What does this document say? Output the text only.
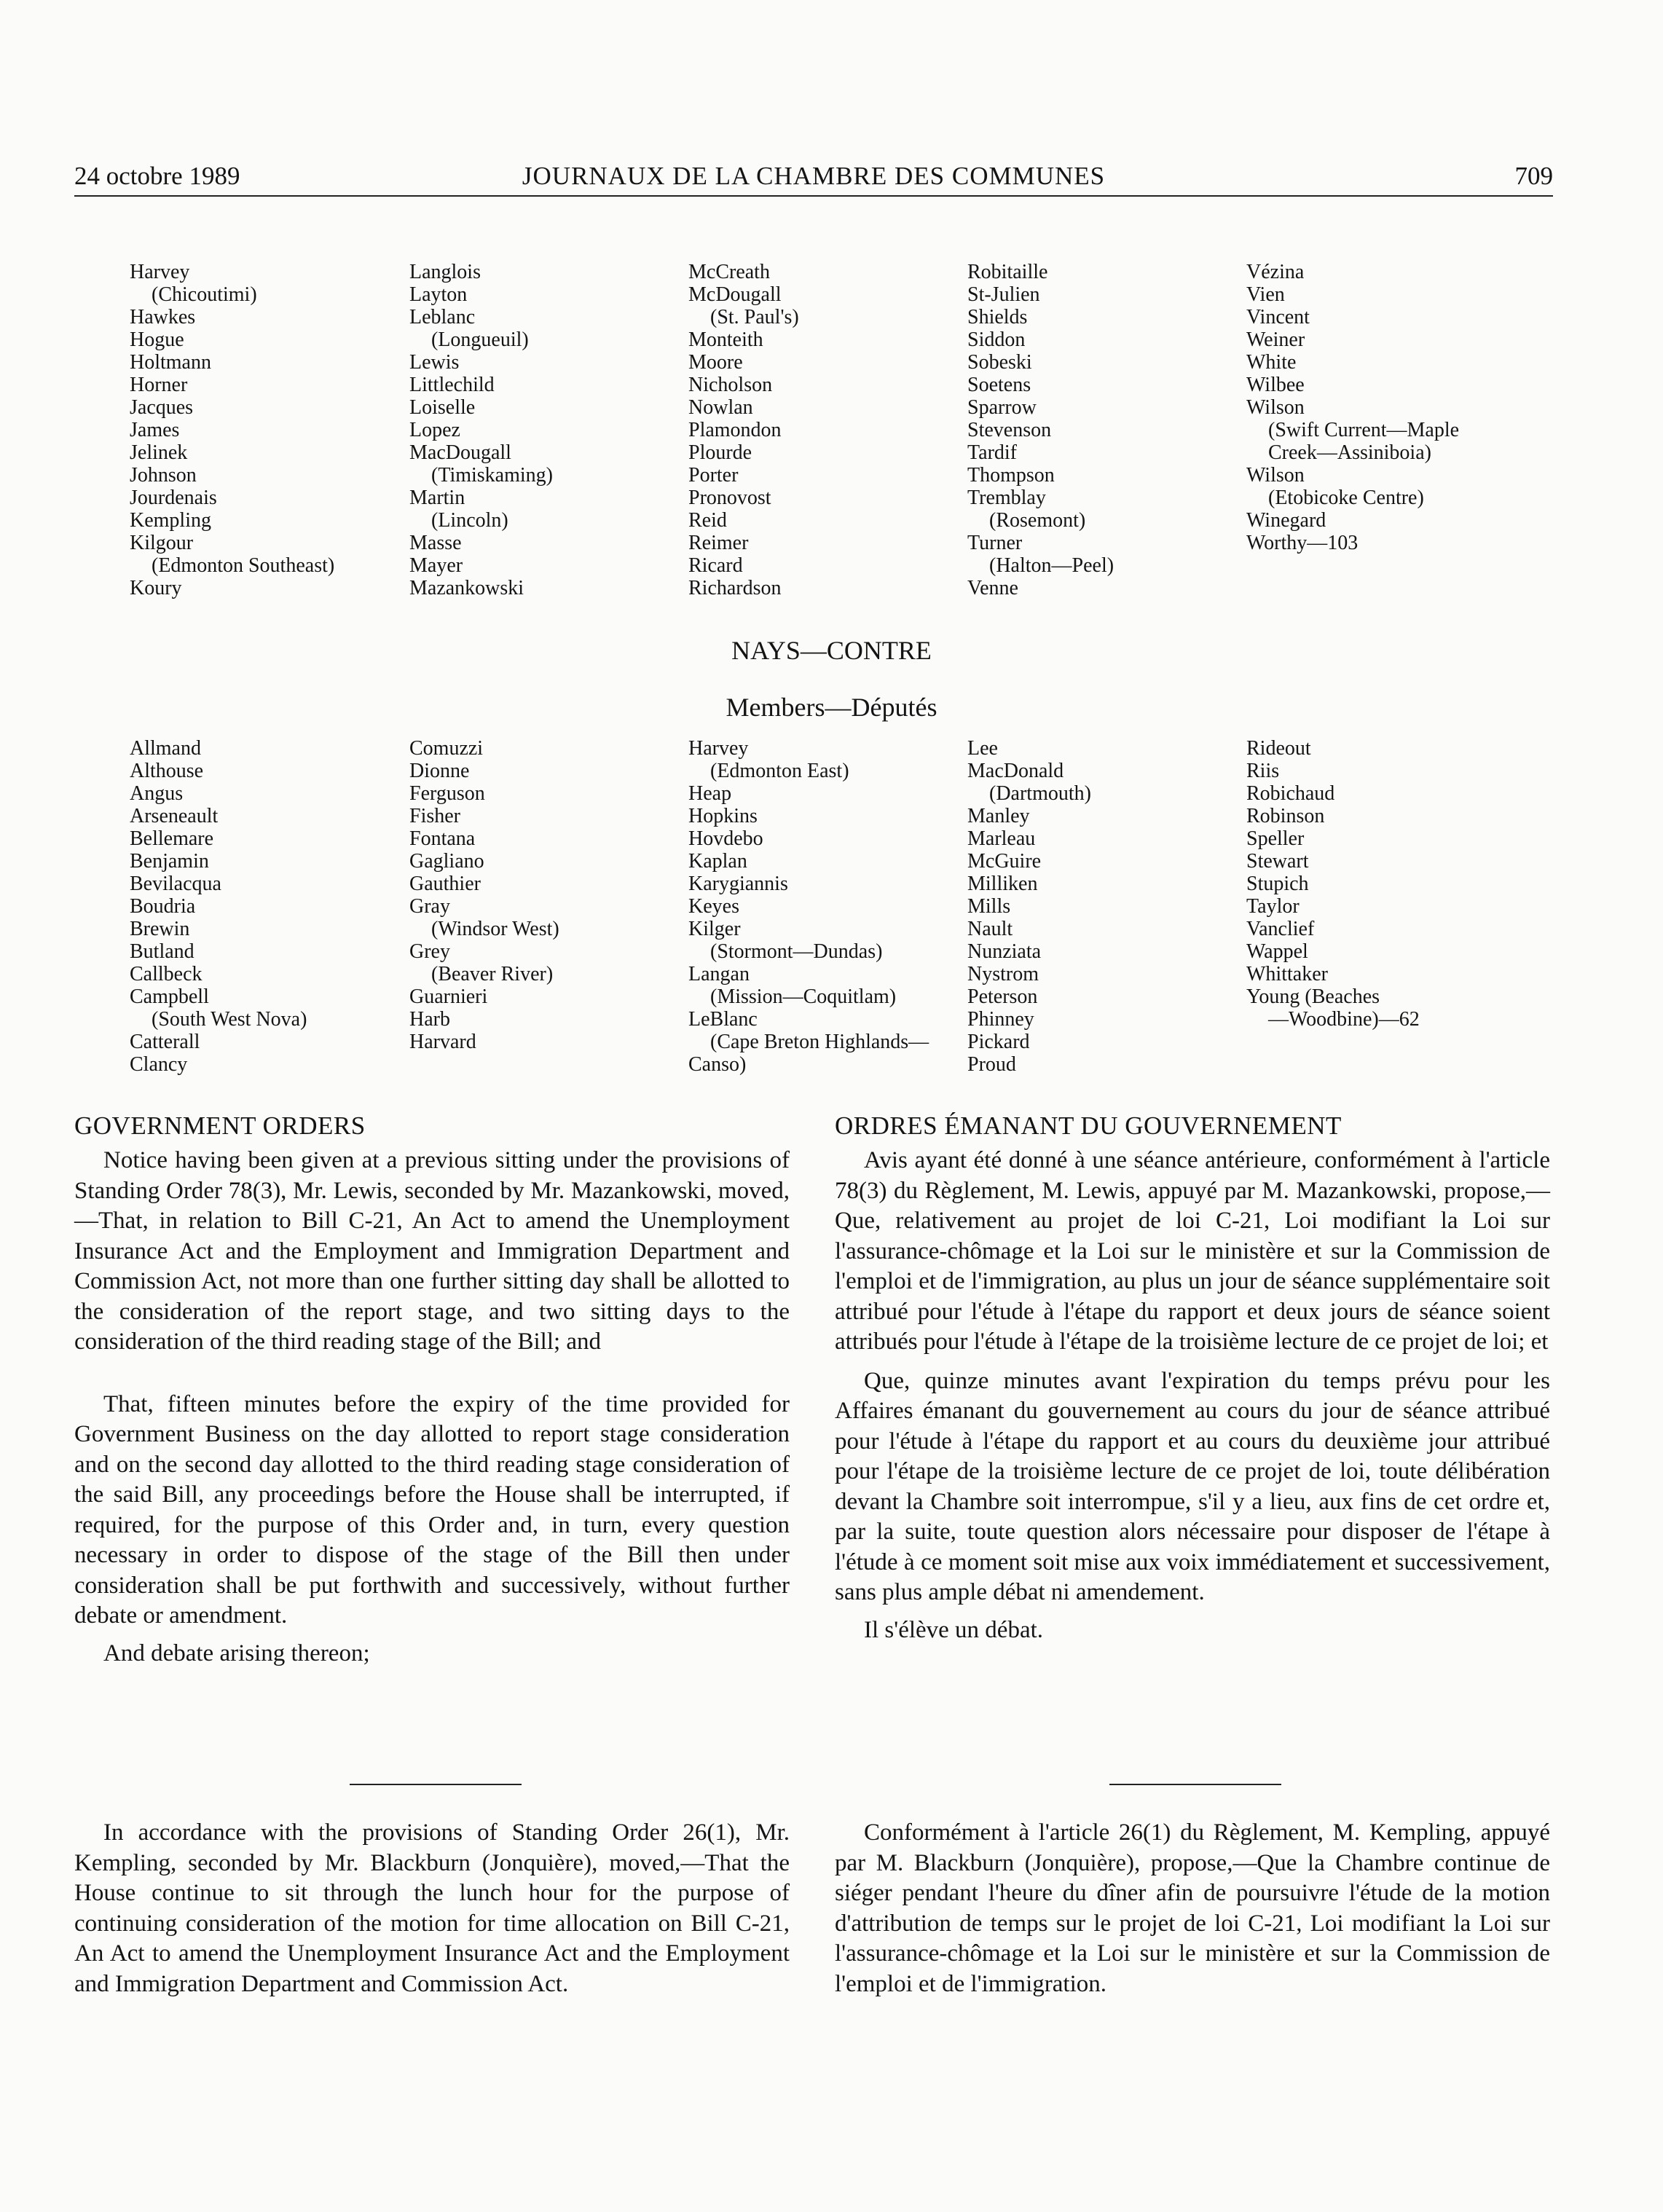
24 octobre 1989	JOURNAUX DE LA CHAMBRE DES COMMUNES	709
Harvey
(Chicoutimi)
Hawkes
Hogue
Holtmann
Horner
Jacques
James
Jelinek
Johnson
Jourdenais
Kempling
Kilgour
(Edmonton Southeast)
Koury
Langlois
Layton
Leblanc
(Longueuil)
Lewis
Littlechild
Loiselle
Lopez
MacDougall
(Timiskaming)
Martin
(Lincoln)
Masse
Mayer
Mazankowski
McCreath
McDougall
(St. Paul's)
Monteith
Moore
Nicholson
Nowlan
Plamondon
Plourde
Porter
Pronovost
Reid
Reimer
Ricard
Richardson
Robitaille
St-Julien
Shields
Siddon
Sobeski
Soetens
Sparrow
Stevenson
Tardif
Thompson
Tremblay
(Rosemont)
Turner
(Halton—Peel)
Venne
Vézina
Vien
Vincent
Weiner
White
Wilbee
Wilson
(Swift Current—Maple
Creek—Assiniboia)
Wilson
(Etobicoke Centre)
Winegard
Worthy—103
NAYS—CONTRE
Members—Députés
Allmand
Althouse
Angus
Arseneault
Bellemare
Benjamin
Bevilacqua
Boudria
Brewin
Butland
Callbeck
Campbell
(South West Nova)
Catterall
Clancy
Comuzzi
Dionne
Ferguson
Fisher
Fontana
Gagliano
Gauthier
Gray
(Windsor West)
Grey
(Beaver River)
Guarnieri
Harb
Harvard
Harvey
(Edmonton East)
Heap
Hopkins
Hovdebo
Kaplan
Karygiannis
Keyes
Kilger
(Stormont—Dundas)
Langan
(Mission—Coquitlam)
LeBlanc
(Cape Breton Highlands—
Canso)
Lee
MacDonald
(Dartmouth)
Manley
Marleau
McGuire
Milliken
Mills
Nault
Nunziata
Nystrom
Peterson
Phinney
Pickard
Proud
Rideout
Riis
Robichaud
Robinson
Speller
Stewart
Stupich
Taylor
Vanclief
Wappel
Whittaker
Young (Beaches
—Woodbine)—62
GOVERNMENT ORDERS

Notice having been given at a previous sitting under the provisions of Standing Order 78(3), Mr. Lewis, seconded by Mr. Mazankowski, moved,—That, in relation to Bill C-21, An Act to amend the Unemployment Insurance Act and the Employment and Immigration Department and Commission Act, not more than one further sitting day shall be allotted to the consideration of the report stage, and two sitting days to the consideration of the third reading stage of the Bill; and

That, fifteen minutes before the expiry of the time provided for Government Business on the day allotted to report stage consideration and on the second day allotted to the third reading stage consideration of the said Bill, any proceedings before the House shall be interrupted, if required, for the purpose of this Order and, in turn, every question necessary in order to dispose of the stage of the Bill then under consideration shall be put forthwith and successively, without further debate or amendment.

And debate arising thereon;

In accordance with the provisions of Standing Order 26(1), Mr. Kempling, seconded by Mr. Blackburn (Jonquière), moved,—That the House continue to sit through the lunch hour for the purpose of continuing consideration of the motion for time allocation on Bill C-21, An Act to amend the Unemployment Insurance Act and the Employment and Immigration Department and Commission Act.

ORDRES ÉMANANT DU GOUVERNEMENT

Avis ayant été donné à une séance antérieure, conformément à l'article 78(3) du Règlement, M. Lewis, appuyé par M. Mazankowski, propose,—Que, relativement au projet de loi C-21, Loi modifiant la Loi sur l'assurance-chômage et la Loi sur le ministère et sur la Commission de l'emploi et de l'immigration, au plus un jour de séance supplémentaire soit attribué pour l'étude à l'étape du rapport et deux jours de séance soient attribués pour l'étude à l'étape de la troisième lecture de ce projet de loi; et

Que, quinze minutes avant l'expiration du temps prévu pour les Affaires émanant du gouvernement au cours du jour de séance attribué pour l'étude à l'étape du rapport et au cours du deuxième jour attribué pour l'étape de la troisième lecture de ce projet de loi, toute délibération devant la Chambre soit interrompue, s'il y a lieu, aux fins de cet ordre et, par la suite, toute question alors nécessaire pour disposer de l'étape à l'étude à ce moment soit mise aux voix immédiatement et successivement, sans plus ample débat ni amendement.

Il s'élève un débat.

Conformément à l'article 26(1) du Règlement, M. Kempling, appuyé par M. Blackburn (Jonquière), propose,—Que la Chambre continue de siéger pendant l'heure du dîner afin de poursuivre l'étude de la motion d'attribution de temps sur le projet de loi C-21, Loi modifiant la Loi sur l'assurance-chômage et la Loi sur le ministère et sur la Commission de l'emploi et de l'immigration.
